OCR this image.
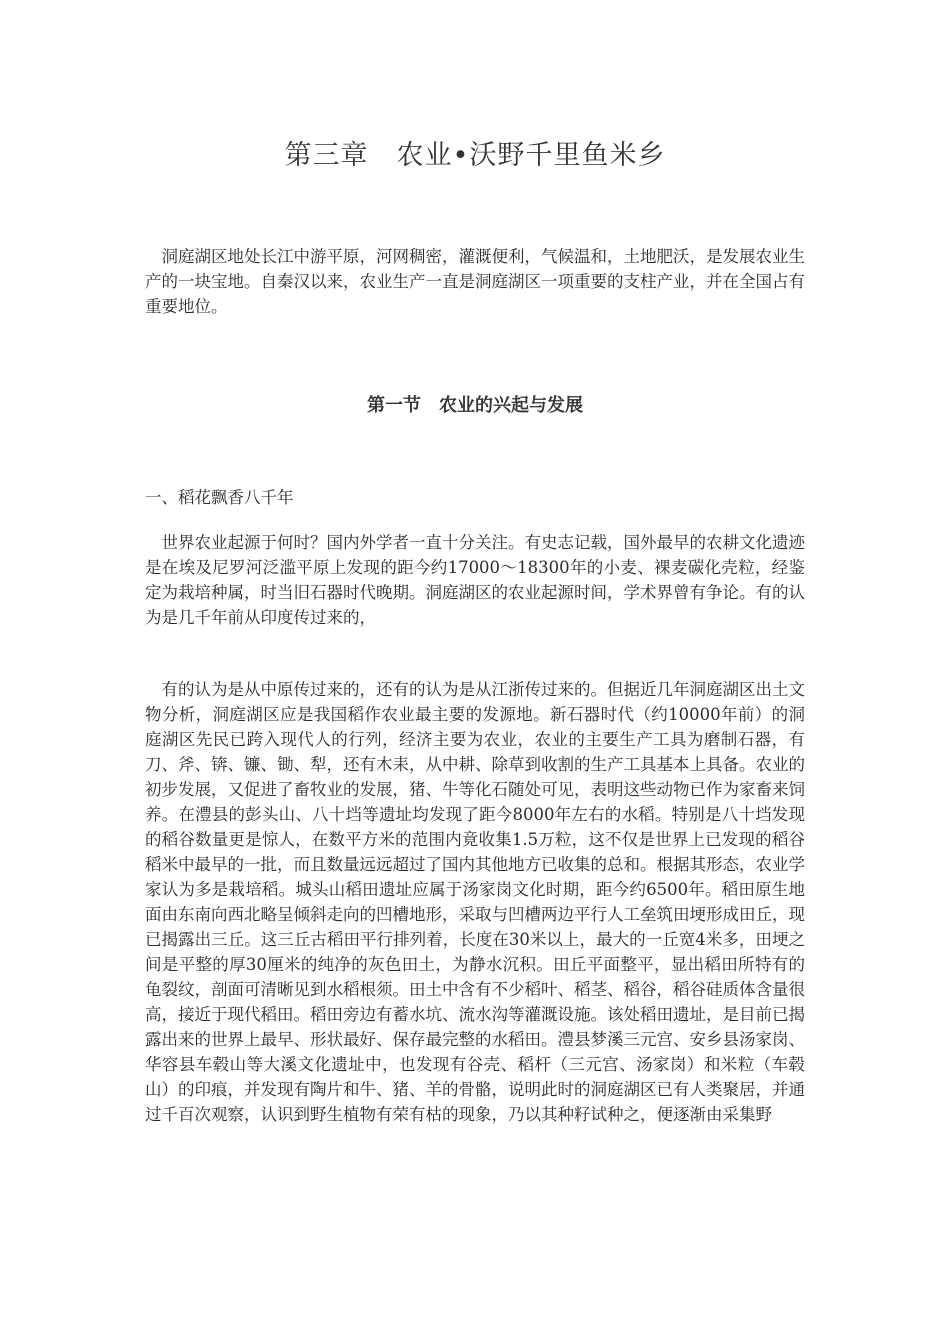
第三章　农业•沃野千里鱼米乡

　洞庭湖区地处长江中游平原，河网稠密，灌溉便利，气候温和，土地肥沃，是发展农业生产的一块宝地。自秦汉以来，农业生产一直是洞庭湖区一项重要的支柱产业，并在全国占有重要地位。

第一节　农业的兴起与发展
一、稻花飘香八千年

　世界农业起源于何时？国内外学者一直十分关注。有史志记载，国外最早的农耕文化遗迹是在埃及尼罗河泛滥平原上发现的距今约17000～18300年的小麦、裸麦碳化壳粒，经鉴定为栽培种属，时当旧石器时代晚期。洞庭湖区的农业起源时间，学术界曾有争论。有的认为是几千年前从印度传过来的，

　有的认为是从中原传过来的，还有的认为是从江浙传过来的。但据近几年洞庭湖区出土文物分析，洞庭湖区应是我国稻作农业最主要的发源地。新石器时代（约10000年前）的洞庭湖区先民已跨入现代人的行列，经济主要为农业，农业的主要生产工具为磨制石器，有刀、斧、锛、镰、锄、犁，还有木耒，从中耕、除草到收割的生产工具基本上具备。农业的初步发展，又促进了畜牧业的发展，猪、牛等化石随处可见，表明这些动物已作为家畜来饲养。在澧县的彭头山、八十垱等遗址均发现了距今8000年左右的水稻。特别是八十垱发现的稻谷数量更是惊人，在数平方米的范围内竟收集1.5万粒，这不仅是世界上已发现的稻谷稻米中最早的一批，而且数量远远超过了国内其他地方已收集的总和。根据其形态，农业学家认为多是栽培稻。城头山稻田遗址应属于汤家岗文化时期，距今约6500年。稻田原生地面由东南向西北略呈倾斜走向的凹槽地形，采取与凹槽两边平行人工垒筑田埂形成田丘，现已揭露出三丘。这三丘古稻田平行排列着，长度在30米以上，最大的一丘宽4米多，田埂之间是平整的厚30厘米的纯净的灰色田土，为静水沉积。田丘平面整平，显出稻田所特有的龟裂纹，剖面可清晰见到水稻根须。田土中含有不少稻叶、稻茎、稻谷，稻谷硅质体含量很高，接近于现代稻田。稻田旁边有蓄水坑、流水沟等灌溉设施。该处稻田遗址，是目前已揭露出来的世界上最早、形状最好、保存最完整的水稻田。澧县梦溪三元宫、安乡县汤家岗、华容县车毂山等大溪文化遗址中，也发现有谷壳、稻杆（三元宫、汤家岗）和米粒（车毂山）的印痕，并发现有陶片和牛、猪、羊的骨骼，说明此时的洞庭湖区已有人类聚居，并通过千百次观察，认识到野生植物有荣有枯的现象，乃以其种籽试种之，便逐渐由采集野
